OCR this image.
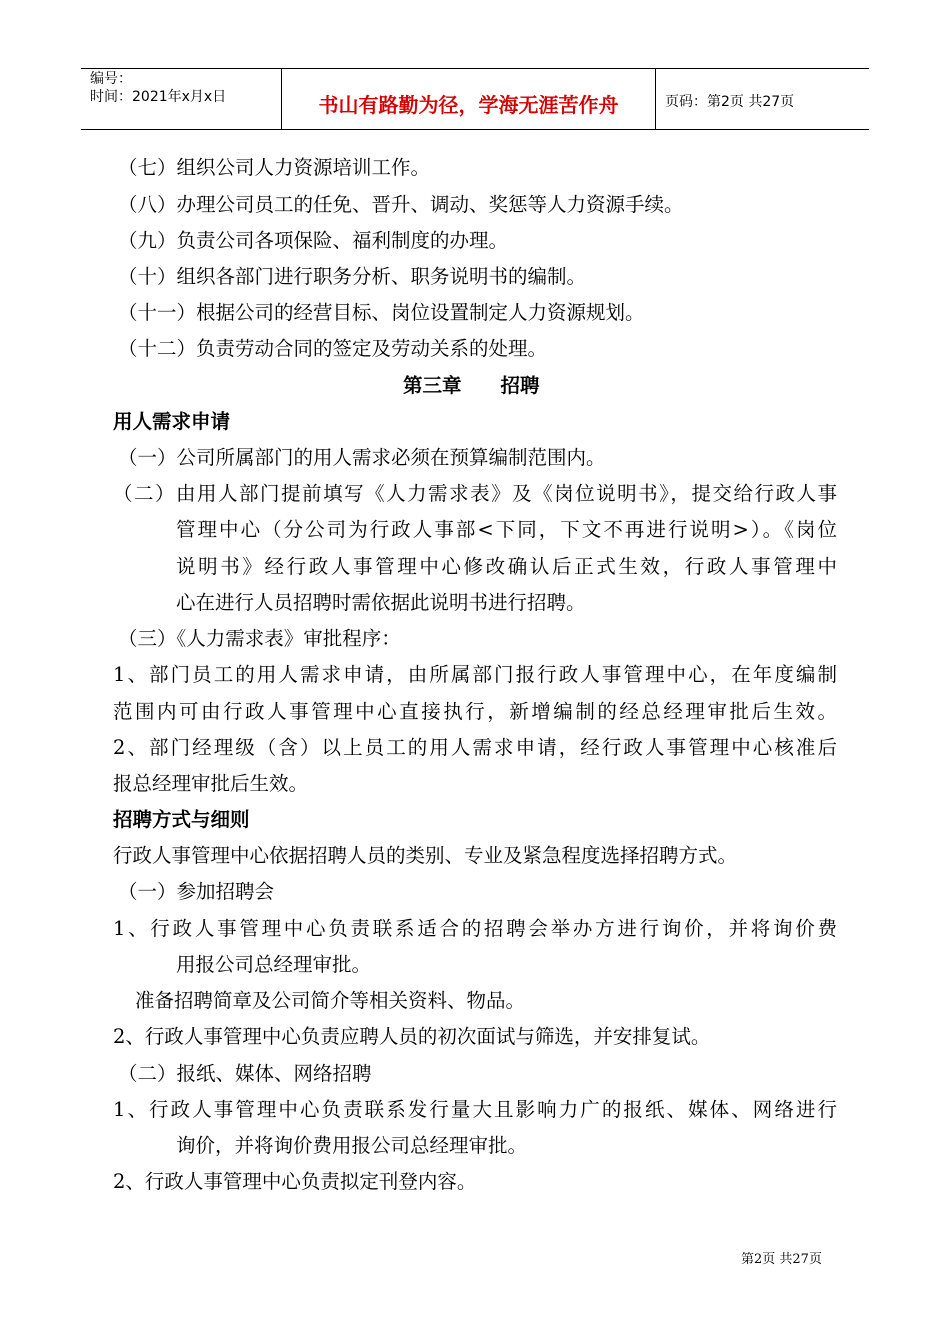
编号：
时间：2021年x月x日	书山有路勤为径，学海无涯苦作舟	页码：第2页 共27页
（七）组织公司人力资源培训工作。
（八）办理公司员工的任免、晋升、调动、奖惩等人力资源手续。
（九）负责公司各项保险、福利制度的办理。
（十）组织各部门进行职务分析、职务说明书的编制。
（十一）根据公司的经营目标、岗位设置制定人力资源规划。
（十二）负责劳动合同的签定及劳动关系的处理。
第三章　　招聘
用人需求申请
（一）公司所属部门的用人需求必须在预算编制范围内。
（二）由用人部门提前填写《人力需求表》及《岗位说明书》，提交给行政人事
管理中心（分公司为行政人事部<下同，下文不再进行说明>）。《岗位
说明书》经行政人事管理中心修改确认后正式生效，行政人事管理中
心在进行人员招聘时需依据此说明书进行招聘。
（三）《人力需求表》审批程序：
1、部门员工的用人需求申请，由所属部门报行政人事管理中心，在年度编制
范围内可由行政人事管理中心直接执行，新增编制的经总经理审批后生效。
2、部门经理级（含）以上员工的用人需求申请，经行政人事管理中心核准后
报总经理审批后生效。
招聘方式与细则
行政人事管理中心依据招聘人员的类别、专业及紧急程度选择招聘方式。
（一）参加招聘会
1、行政人事管理中心负责联系适合的招聘会举办方进行询价，并将询价费
用报公司总经理审批。
准备招聘简章及公司简介等相关资料、物品。
2、行政人事管理中心负责应聘人员的初次面试与筛选，并安排复试。
（二）报纸、媒体、网络招聘
1、行政人事管理中心负责联系发行量大且影响力广的报纸、媒体、网络进行
询价，并将询价费用报公司总经理审批。
2、行政人事管理中心负责拟定刊登内容。
第2页 共27页
